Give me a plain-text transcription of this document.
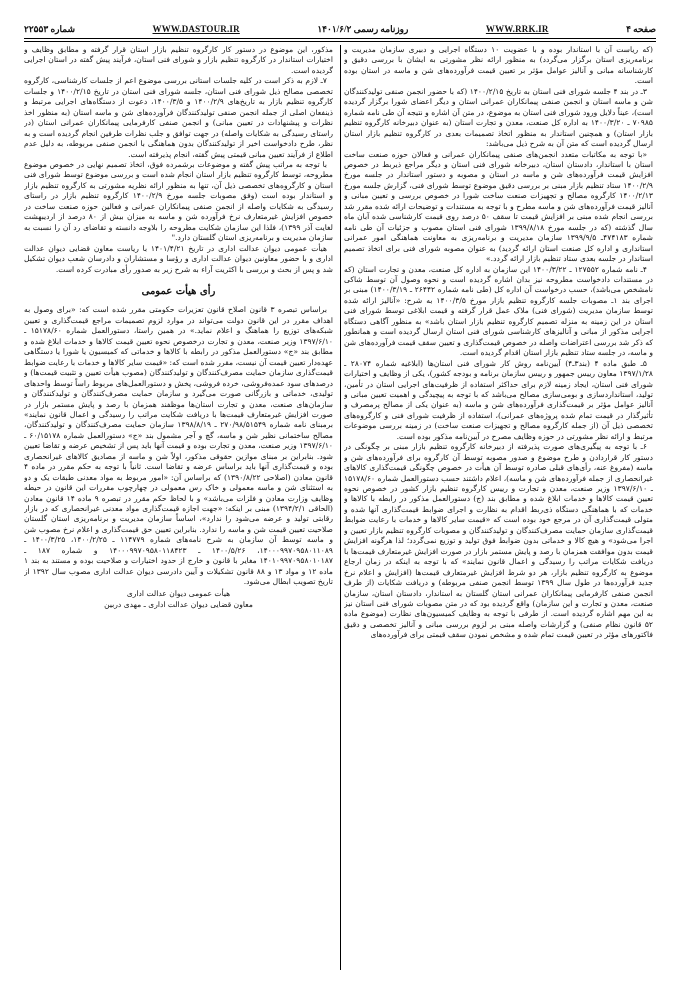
صفحه ۴
WWW.RRK.IR
روزنامه رسمی ۱۴۰۱/۶/۲
WWW.DASTOUR.IR
شماره ۲۲۵۵۳

(که ریاست آن با استاندار بوده و با عضویت ۱۰ دستگاه اجرایی و دبیری سازمان مدیریت و برنامه‌ریزی استان برگزار می‌گردد) به منظور ارائه نظر مشورتی به ایشان با بررسی دقیق و کارشناسانه مبانی و آنالیز عوامل مؤثر بر تعیین قیمت فرآورده‌های شن و ماسه در استان بوده است.

۳ـ در بند ۴ جلسه شورای فنی استان به تاریخ ۱۴۰۰/۲/۱۵ (که با حضور انجمن صنفی تولیدکنندگان شن و ماسه استان و انجمن صنفی پیمانکاران عمرانی استان و دیگر اعضای شورا برگزار گردیده است)، عیناً دلایل ورود شورای فنی استان به موضوع، در متن آن اشاره و نتیجه آن طی نامه شماره ۷۰۹۸۵ ـ ۱۴۰۰/۳/۲۰ به اداره کل صنعت، معدن و تجارت استان (به عنوان دبیرخانه کارگروه تنظیم بازار استان) و همچنین استاندار به منظور اتخاذ تصمیمات بعدی در کارگروه تنظیم بازار استان ارسال گردیده است که متن آن به شرح ذیل می‌باشد:

«با توجه به مکاتبات متعدد انجمن‌های صنفی پیمانکاران عمرانی و فعالان حوزه صنعت ساخت استان با استاندار، دادستان استان، دبیرخانه شورای فنی استان و دیگر مراجع ذیربط در خصوص افزایش قیمت فرآورده‌های شن و ماسه در استان و مصوبه و دستور استاندار در جلسه مورخ ۱۴۰۰/۲/۹ ستاد تنظیم بازار مبنی بر بررسی دقیق موضوع توسط شورای فنی، گزارش جلسه مورخ ۱۴۰۰/۲/۱۳ کارگروه مصالح و تجهیزات صنعت ساخت شورا در خصوص بررسی و تعیین مبانی و آنالیز قیمت فرآورده‌های شن و ماسه مطرح و با توجه به مستندات و توضیحات ارائه شده مقرر شد بررسی انجام شده مبنی بر افزایش قیمت تا سقف ۵۰ درصد روی قیمت کارشناسی شده آبان ماه سال گذشته (که در جلسه مورخ ۱۳۹۹/۸/۱۸ شورای فنی استان مصوب و جزئیات آن طی نامه شماره ۴۷۴۱۸۳ـ ۱۳۹۹/۹/۵ سازمان مدیریت و برنامه‌ریزی به معاونت هماهنگی امور عمرانی استانداری و اداره کل صنعت استان ارائه گردید) به عنوان مصوبه شورای فنی برای اتخاذ تصمیم استاندار در جلسه بعدی ستاد تنظیم بازار ارائه گردد.»

۴ـ نامه شماره ۱۲۷۵۵۲ ـ ۱۴۰۰/۳/۲۲ این سازمان به اداره کل صنعت، معدن و تجارت استان (که در مستندات دادخواست مطروحه نیز بدان اشاره گردیده است و نحوه وصول آن توسط شاکی نامشخص می‌باشد)، حسب درخواست آن اداره کل (طی نامه شماره ۲۶۴۴۲ ـ ۱۴۰۰/۳/۱۹) مبنی بر اجرای بند ۱ـ مصوبات جلسه کارگروه تنظیم بازار مورخ ۱۴۰۰/۳/۵ به شرح: «آنالیز ارائه شده توسط سازمان مدیریت (شورای فنی) ملاک عمل قرار گرفته و قیمت ابلاغی توسط شورای فنی استان در این زمینه به منزله تصمیم کارگروه تنظیم بازار استان باشد» به منظور آگاهی دستگاه اجرایی مذکور از مبانی و آنالیزهای کارشناسی شورای فنی استان ارسال گردیده است و همانطور که ذکر شد بررسی اعتراضات واصله در خصوص قیمت‌گذاری و تعیین سقف قیمت فرآورده‌های شن و ماسه، در جلسه ستاد تنظیم بازار استان اقدام گردیده است.

۵ـ طبق ماده ۴ (بند۳ـ۴) آیین‌نامه روش کار شورای فنی استان‌ها (ابلاغیه شماره ۲۸۰۷۴ ـ ۱۳۹۷/۱/۲۸ معاون رییس جمهور و رییس سازمان برنامه و بودجه کشور)، یکی از وظایف و اختیارات شورای فنی استان، ایجاد زمینه لازم برای حداکثر استفاده از ظرفیت‌های اجرایی استان در تأمین، تولید، استانداردسازی و بومی‌سازی مصالح می‌باشد که با توجه به پیچیدگی و اهمیت تعیین مبانی و آنالیز عوامل مؤثر بر قیمت‌گذاری فرآورده‌های شن و ماسه (به عنوان یکی از مصالح پرمصرف و تأثیرگذار در قیمت تمام شده پروژه‌های عمرانی)، استفاده از ظرفیت شورای فنی و کارگروه‌های تخصصی ذیل آن (از جمله کارگروه مصالح و تجهیزات صنعت ساخت) در زمینه بررسی موضوعات مرتبط و ارائه نظر مشورتی در حوزه وظایف مصرح در آیین‌نامه مذکور بوده است.

۶ـ با توجه به پیگیری‌های صورت پذیرفته از دبیرخانه کارگروه تنظیم بازار مبنی بر چگونگی در دستور کار قراردادن و طرح موضوع و صدور مصوبه توسط آن کارگروه برای فرآورده‌های شن و ماسه (مفروغ عنه، رأی‌های قبلی صادره توسط آن هیأت در خصوص چگونگی قیمت‌گذاری کالاهای غیرانحصاری از جمله فرآورده‌های شن و ماسه)، اعلام داشتند حسب دستورالعمل شماره ۱۵۱۷۸/۶۰ ـ ۱۳۹۷/۶/۱۰ وزیر صنعت، معدن و تجارت و رییس کارگروه تنظیم بازار کشور در خصوص نحوه تعیین قیمت کالاها و خدمات ابلاغ شده و مطابق بند (ج) دستورالعمل مذکور در رابطه با کالاها و خدمات که با هماهنگی دستگاه ذی‌ربط اقدام به نظارت و اجرای ضوابط قیمت‌گذاری آنها شده و متولی قیمت‌گذاری آن در مرجع خود بوده است که «قیمت سایر کالاها و خدمات با رعایت ضوابط قیمت‌گذاری سازمان حمایت مصرف‌کنندگان و تولیدکنندگان و مصوبات کارگروه تنظیم بازار تعیین و اجرا می‌شود» و هیچ کالا و خدماتی بدون ضوابط فوق تولید و توزیع نمی‌گردد؛ لذا هرگونه افزایش قیمت بدون موافقت همزمان با رصد و پایش مستمر بازار در صورت افزایش غیرمتعارف قیمت‌ها با دریافت شکایات مراتب را رسیدگی و اعمال قانون نمایند» که با توجه به اینکه در زمان ارجاع موضوع به کارگروه تنظیم بازار، هر دو شرط افزایش غیرمتعارف قیمت‌ها (افزایش و اعلام نرخ جدید فرآورده‌ها در طول سال ۱۳۹۹ توسط انجمن صنفی مربوطه) و دریافت شکایات (از طرف انجمن صنفی کارفرمایی پیمانکاران عمرانی استان گلستان به استاندار، دادستان استان، سازمان صنعت، معدن و تجارت و این سازمان) واقع گردیده بود که در متن مصوبات شورای فنی استان نیز به این مهم اشاره گردیده است. از طرفی با توجه به وظایف کمیسیون‌های نظارت (موضوع ماده ۵۲ قانون نظام صنفی) و گزارشات واصله مبنی بر لزوم بررسی مبانی و آنالیز تخصصی و دقیق فاکتورهای مؤثر در تعیین قیمت تمام شده و مشخص نمودن سقف قیمتی برای فرآورده‌های

مذکور، این موضوع در دستور کار کارگروه تنظیم بازار استان قرار گرفته و مطابق وظایف و اختیارات استاندار در کارگروه تنظیم بازار و شورای فنی استان، فرآیند پیش گفته در استان اجرایی گردیده است.

۷ـ لازم به ذکر است در کلیه جلسات استانی بررسی موضوع اعم از جلسات کارشناسی، کارگروه تخصصی مصالح ذیل شورای فنی استان، جلسه شورای فنی استان در تاریخ ۱۴۰۰/۲/۱۵ و جلسات کارگروه تنظیم بازار به تاریخ‌های ۱۴۰۰/۲/۹ و ۱۴۰۰/۳/۵، دعوت از دستگاه‌های اجرایی مرتبط و ذینفعان اصلی از جمله انجمن صنفی تولیدکنندگان فرآورده‌های شن و ماسه استان (به منظور اخذ نظرات و پیشنهادات در تعیین مبانی) و انجمن صنفی کارفرمایی پیمانکاران عمرانی استان (در راستای رسیدگی به شکایات واصله) در جهت توافق و جلب نظرات طرفین انجام گردیده است و به نظر، طرح دادخواست اخیر از تولیدکنندگان بدون هماهنگی با انجمن صنفی مربوطه، به دلیل عدم اطلاع از فرآیند تعیین مبانی قیمتی پیش گفته، انجام پذیرفته است.

با توجه به مراتب پیش گفته و موضوعات برشمرده فوق، اتخاذ تصمیم نهایی در خصوص موضوع مطروحه، توسط کارگروه تنظیم بازار استان انجام شده است و بررسی موضوع توسط شورای فنی استان و کارگروه‌های تخصصی ذیل آن، تنها به منظور ارائه نظریه مشورتی به کارگروه تنظیم بازار و استاندار بوده است (وفق مصوبات جلسه مورخ ۱۴۰۰/۲/۹ کارگروه تنظیم بازار در راستای رسیدگی به شکایات واصله از انجمن صنفی پیمانکاران عمرانی و فعالین حوزه صنعت ساخت در خصوص افزایش غیرمتعارف نرخ فرآورده شن و ماسه به میزان بیش از ۸۰ درصد از اردیبهشت لغایت آذر ۱۳۹۹)، فلذا این سازمان شکایت مطروحه را بلاوجه دانسته و تقاضای رد آن را نسبت به سازمان مدیریت و برنامه‌ریزی استان گلستان دارد."

هیأت عمومی دیوان عدالت اداری در تاریخ ۱۴۰۱/۴/۲۱ با ریاست معاون قضایی دیوان عدالت اداری و با حضور معاونین دیوان عدالت اداری و رؤسا و مستشاران و دادرسان شعب دیوان تشکیل شد و پس از بحث و بررسی با اکثریت آراء به شرح زیر به صدور رأی مبادرت کرده است.

رأی هیأت عمومی

براساس تبصره ۳ قانون اصلاح قانون تعزیرات حکومتی مقرر شده است که: «برای وصول به اهداف مقرر در این قانون دولت می‌تواند در موارد لزوم تصمیمات مراجع قیمت‌گذاری و تعیین شبکه‌های توزیع را هماهنگ و اعلام نماید.» در همین راستا، دستورالعمل شماره ۱۵۱۷۸/۶۰ ـ ۱۳۹۷/۶/۱۰ وزیر صنعت، معدن و تجارت درخصوص نحوه تعیین قیمت کالاها و خدمات ابلاغ شده و مطابق بند «ج» دستورالعمل مذکور در رابطه با کالاها و خدماتی که کمیسیون یا شورا یا دستگاهی عهده‌دار تعیین قیمت آن نیست، مقرر شده است که: «قیمت سایر کالاها و خدمات با رعایت ضوابط قیمت‌گذاری سازمان حمایت مصرف‌کنندگان و تولیدکنندگان (مصوب هیأت تعیین و تثبیت قیمت‌ها) و درصدهای سود عمده‌فروشی، خرده فروشی، پخش و دستورالعمل‌های مربوط راساً توسط واحدهای تولیدی، خدماتی و بازرگانی صورت می‌گیرد و سازمان حمایت مصرف‌کنندگان و تولیدکنندگان و سازمان‌های صنعت، معدن و تجارت استان‌ها موظفند همزمان با رصد و پایش مستمر بازار در صورت افزایش غیرمتعارف قیمت‌ها با دریافت شکایت مراتب را رسیدگی و اعمال قانون نمایند» برمبنای نامه شماره ۲۷۰/۹۸/۵۱۵۴۹ ـ ۱۳۹۸/۸/۱۹ سازمان حمایت مصرف‌کنندگان و تولیدکنندگان، مصالح ساختمانی نظیر شن و ماسه، گچ و آجر مشمول بند «ج» دستورالعمل شماره ۶۰/۱۵۱۷۸ ـ ۱۳۹۷/۶/۱۰ وزیر صنعت، معدن و تجارت بوده و قیمت آنها باید پس از تشخیص عرضه و تقاضا تعیین شود. بنابراین بر مبنای موازین حقوقی مذکور، اولاً شن و ماسه از مصادیق کالاهای غیرانحصاری بوده و قیمت‌گذاری آنها باید براساس عرضه و تقاضا است. ثانیاً با توجه به حکم مقرر در ماده ۴ قانون معادن (اصلاحی ۱۳۹۰/۸/۲۲) که براساس آن: «امور مربوط به مواد معدنی طبقات یک و دو به استثنای شن و ماسه معمولی و خاک رس معمولی در چهارچوب مقررات این قانون در حیطه وظایف وزارت معادن و فلزات می‌باشد» و با لحاظ حکم مقرر در تبصره ۹ ماده ۱۴ قانون معادن (الحاقی ۱۳۹۴/۲/۱) مبنی بر اینکه: «جهت اجازه قیمت‌گذاری مواد معدنی غیرانحصاری که در بازار رقابتی تولید و عرضه می‌شود را ندارد»، اساساً سازمان مدیریت و برنامه‌ریزی استان گلستان صلاحیت تعیین قیمت شن و ماسه را ندارد. بنابراین تعیین حق قیمت‌گذاری و اعلام نرخ مصوب شن و ماسه توسط آن سازمان به شرح نامه‌های شماره ۱۱۴۷۷۹ ـ ۱۴۰۰/۲/۲۵، ۱۴۰۰/۳/۲۵ ـ ۱۴۰۰۰۹۹۷۰۹۵۸۰۱۱۰۸۹، ۱۴۰۰/۵/۲۶ ـ ۱۴۰۰۰۹۹۷۰۹۵۸۰۱۱۸۴۲۳ و شماره ۱۸۷ ـ ۱۴۰۱۰۹۹۷۰۹۵۸۰۱۰۱۸۷ مغایر با قانون و خارج از حدود اختیارات و صلاحیت بوده و مستند به بند ۱ ماده ۱۲ و مواد ۱۳ و ۸۸ قانون تشکیلات و آیین دادرسی دیوان عدالت اداری مصوب سال ۱۳۹۲ از تاریخ تصویب ابطال می‌شود.

هیأت عمومی دیوان عدالت اداری

معاون قضایی دیوان عدالت اداری ـ مهدی دربین
